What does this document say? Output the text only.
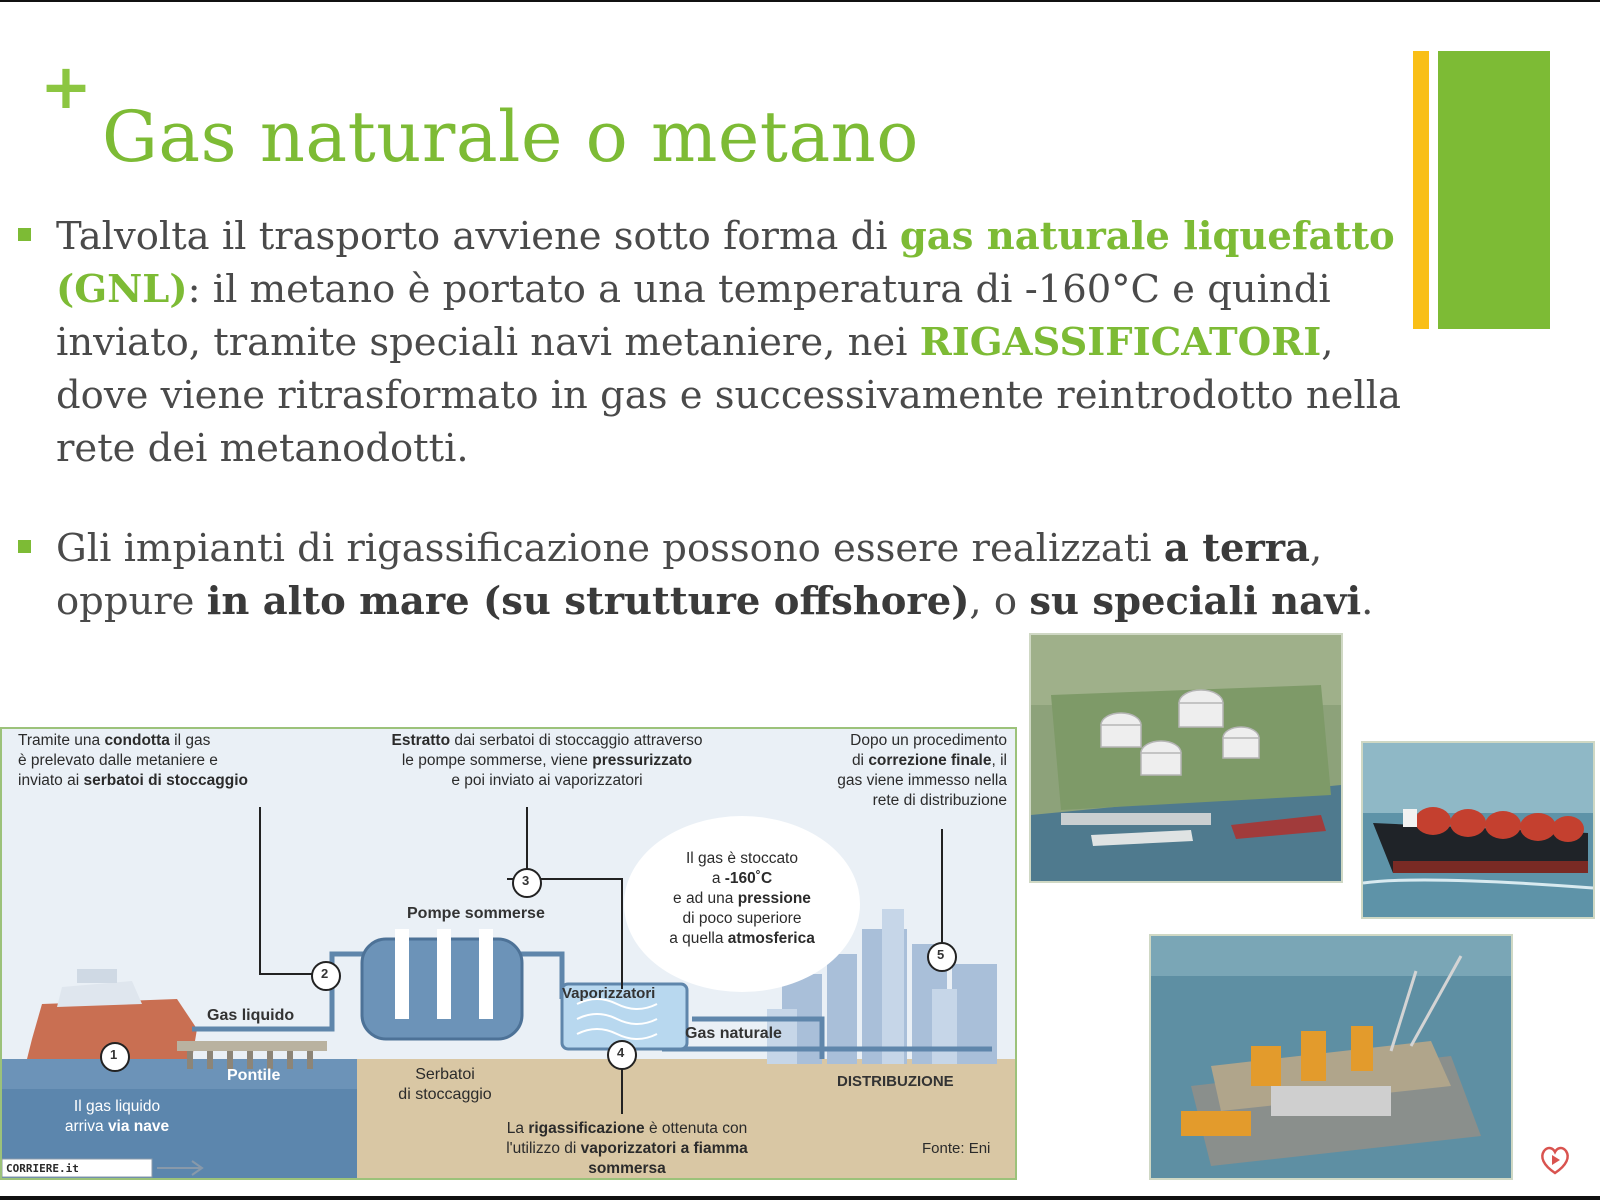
+
Gas naturale o metano

Talvolta il trasporto avviene sotto forma di gas naturale liquefatto (GNL): il metano è portato a una temperatura di -160°C e quindi inviato, tramite speciali navi metaniere, nei RIGASSIFICATORI, dove viene ritrasformato in gas e successivamente reintrodotto nella rete dei metanodotti.

Gli impianti di rigassificazione possono essere realizzati a terra, oppure in alto mare (su strutture offshore), o su speciali navi.

1
2
3
4
5
Tramite una condotta il gas
è prelevato dalle metaniere e
inviato ai serbatoi di stoccaggio
Estratto dai serbatoi di stoccaggio attraverso
le pompe sommerse, viene pressurizzato
e poi inviato ai vaporizzatori
Dopo un procedimento
di correzione finale, il
gas viene immesso nella
rete di distribuzione
Il gas è stoccato
a -160˚C
e ad una pressione
di poco superiore
a quella atmosferica
Il gas liquido
arriva via nave	La rigassificazione è ottenuta con
l'utilizzo di vaporizzatori a fiamma
sommersa
Pompe sommerse
Gas liquido
Pontile	Serbatoi
di stoccaggio
Vaporizzatori
Gas naturale
DISTRIBUZIONE
Fonte: Eni
CORRIERE.it
